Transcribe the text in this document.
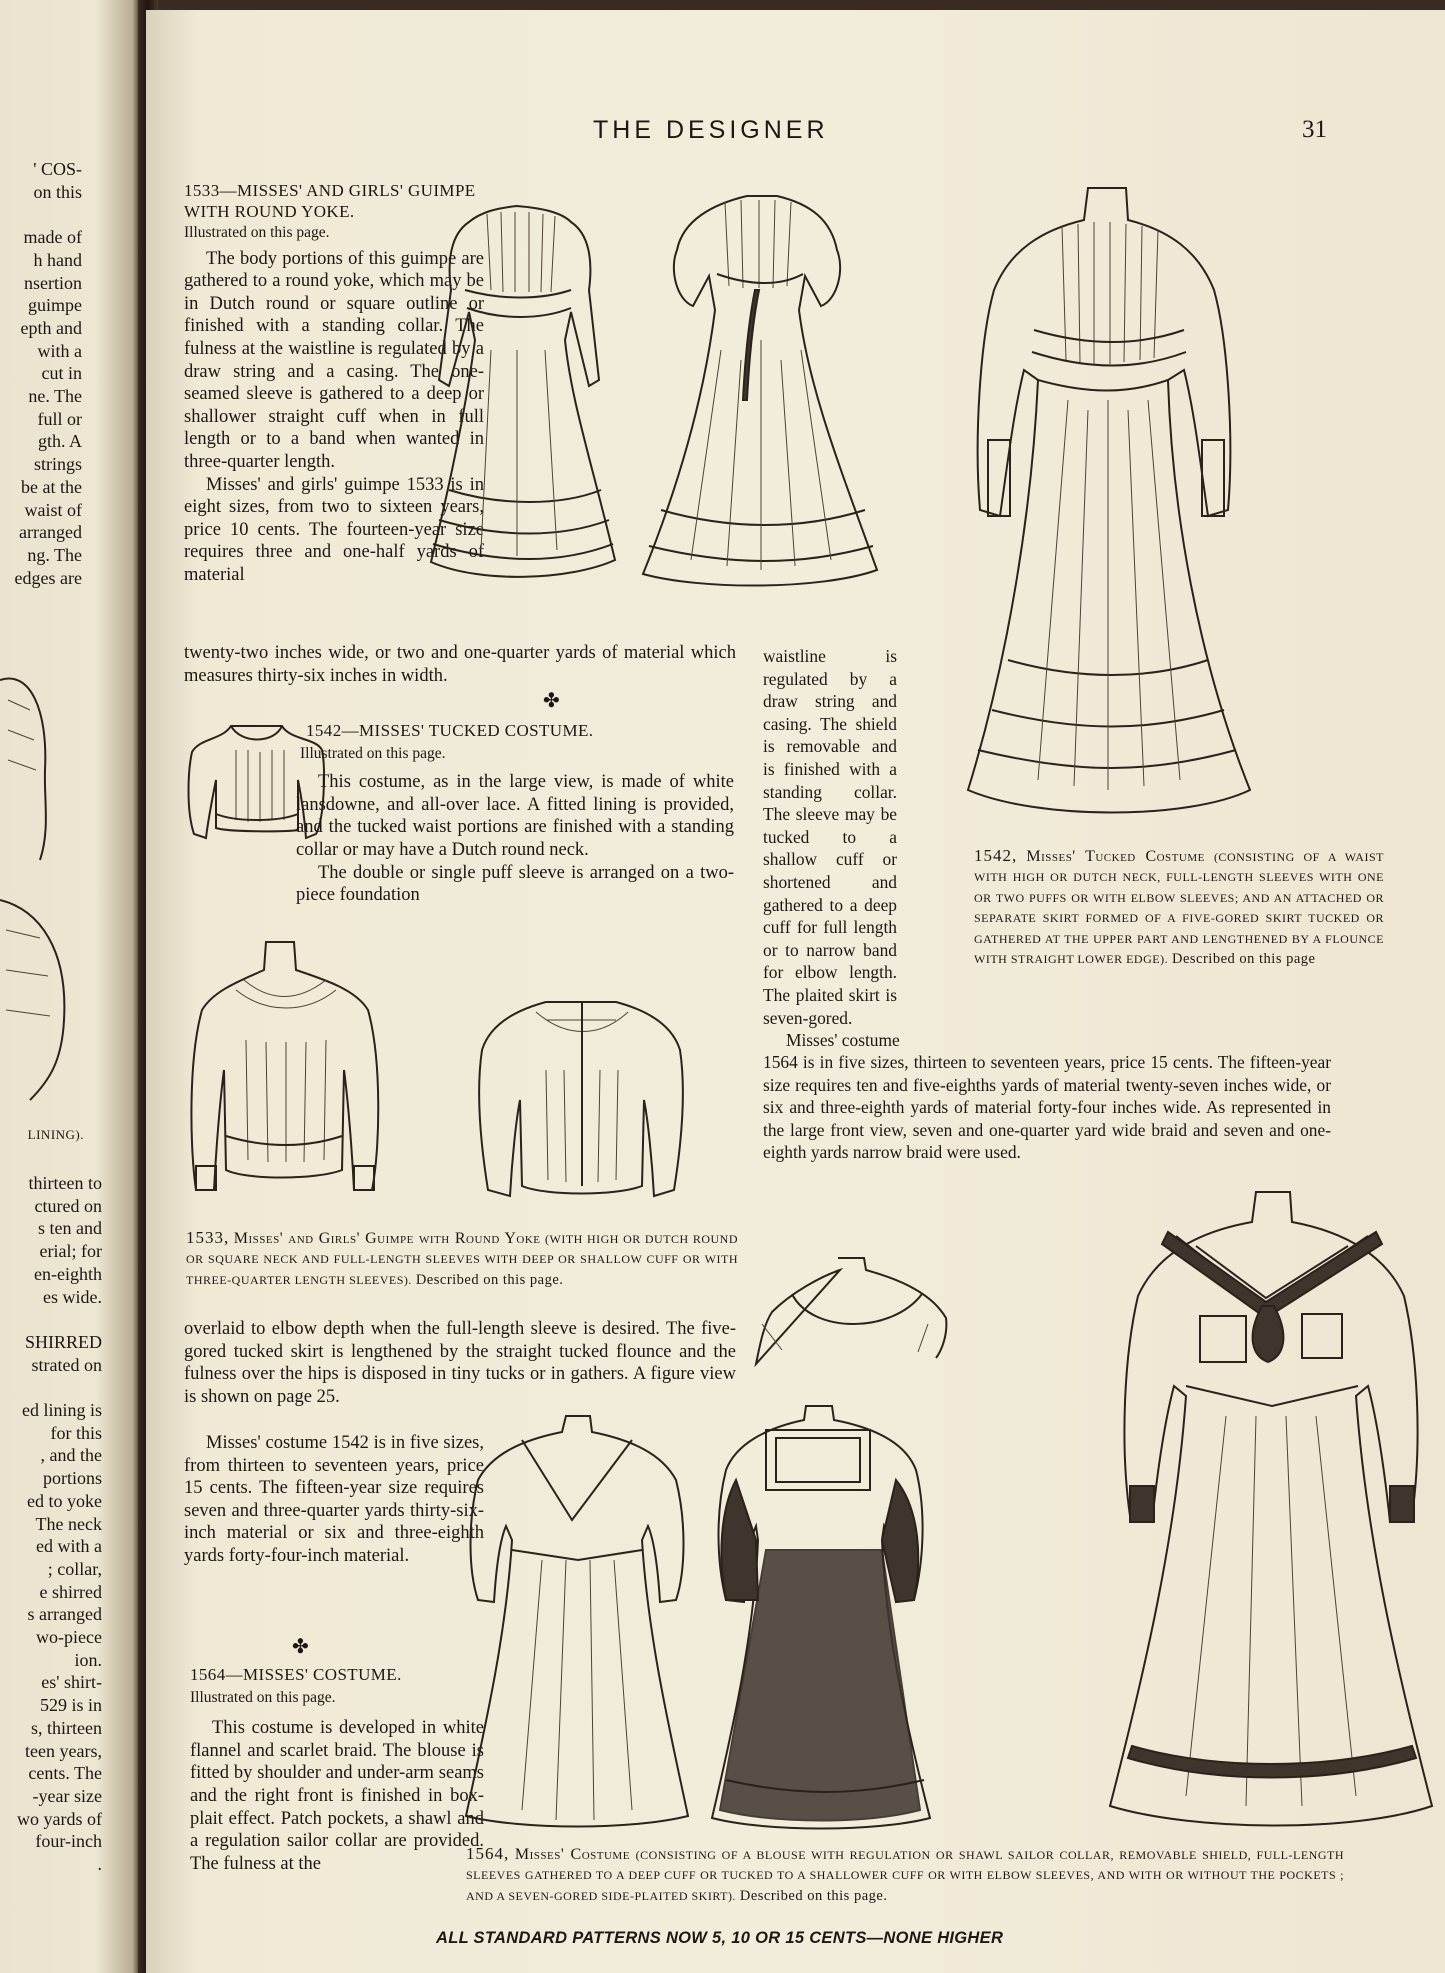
' COS-
on this

made of
h hand
nsertion
guimpe
epth and
with a
cut in
ne. The
full or
gth. A
strings
be at the
waist of
arranged
ng. The
edges are
LINING).
thirteen to
ctured on
s ten and
erial; for
en-eighth
es wide.

SHIRRED
strated on

ed lining is
for this
, and the
portions
ed to yoke
The neck
ed with a
; collar,
e shirred
s arranged
wo-piece
ion.
es' shirt-
529 is in
s, thirteen
teen years,
cents. The
-year size
wo yards of
four-inch
.
THE DESIGNER	31
1533—MISSES' AND GIRLS' GUIMPE WITH ROUND YOKE.
Illustrated on this page.

The body portions of this guimpe are gathered to a round yoke, which may be in Dutch round or square outline or finished with a standing collar. The fulness at the waistline is regulated by a draw string and a casing. The one-seamed sleeve is gathered to a deep or shallower straight cuff when in full length or to a band when wanted in three-quarter length.

Misses' and girls' guimpe 1533 is in eight sizes, from two to sixteen years, price 10 cents. The fourteen-year size requires three and one-half yards of material

twenty-two inches wide, or two and one-quarter yards of material which measures thirty-six inches in width.
✤
1542—MISSES' TUCKED COSTUME.
Illustrated on this page.

This costume, as in the large view, is made of white lansdowne, and all-over lace. A fitted lining is provided, and the tucked waist portions are finished with a standing collar or may have a Dutch round neck.

The double or single puff sleeve is arranged on a two-piece foundation

waistline is regulated by a draw string and casing. The shield is removable and is finished with a standing collar. The sleeve may be tucked to a shallow cuff or shortened and gathered to a deep cuff for full length or to narrow band for elbow length. The plaited skirt is seven-gored.
1542, Misses' Tucked Costume (CONSISTING OF A WAIST WITH HIGH OR DUTCH NECK, FULL-LENGTH SLEEVES WITH ONE OR TWO PUFFS OR WITH ELBOW SLEEVES; AND AN ATTACHED OR SEPARATE SKIRT FORMED OF A FIVE-GORED SKIRT TUCKED OR GATHERED AT THE UPPER PART AND LENGTHENED BY A FLOUNCE WITH STRAIGHT LOWER EDGE). Described on this page
Misses' costume
1564 is in five sizes, thirteen to seventeen years, price 15 cents. The fifteen-year size requires ten and five-eighths yards of material twenty-seven inches wide, or six and three-eighth yards of material forty-four inches wide. As represented in the large front view, seven and one-quarter yard wide braid and seven and one-eighth yards narrow braid were used.
1533, Misses' and Girls' Guimpe with Round Yoke (WITH HIGH OR DUTCH ROUND OR SQUARE NECK AND FULL-LENGTH SLEEVES WITH DEEP OR SHALLOW CUFF OR WITH THREE-QUARTER LENGTH SLEEVES). Described on this page.
overlaid to elbow depth when the full-length sleeve is desired. The five-gored tucked skirt is lengthened by the straight tucked flounce and the fulness over the hips is disposed in tiny tucks or in gathers. A figure view is shown on page 25.

Misses' costume 1542 is in five sizes, from thirteen to seventeen years, price 15 cents. The fifteen-year size requires seven and three-quarter yards thirty-six-inch material or six and three-eighth yards forty-four-inch material.

✤
1564—MISSES' COSTUME.
Illustrated on this page.

This costume is developed in white flannel and scarlet braid. The blouse is fitted by shoulder and under-arm seams and the right front is finished in box-plait effect. Patch pockets, a shawl and a regulation sailor collar are provided. The fulness at the

1564, Misses' Costume (CONSISTING OF A BLOUSE WITH REGULATION OR SHAWL SAILOR COLLAR, REMOVABLE SHIELD, FULL-LENGTH SLEEVES GATHERED TO A DEEP CUFF OR TUCKED TO A SHALLOWER CUFF OR WITH ELBOW SLEEVES, AND WITH OR WITHOUT THE POCKETS ; AND A SEVEN-GORED SIDE-PLAITED SKIRT). Described on this page.
ALL STANDARD PATTERNS NOW 5, 10 OR 15 CENTS—NONE HIGHER
